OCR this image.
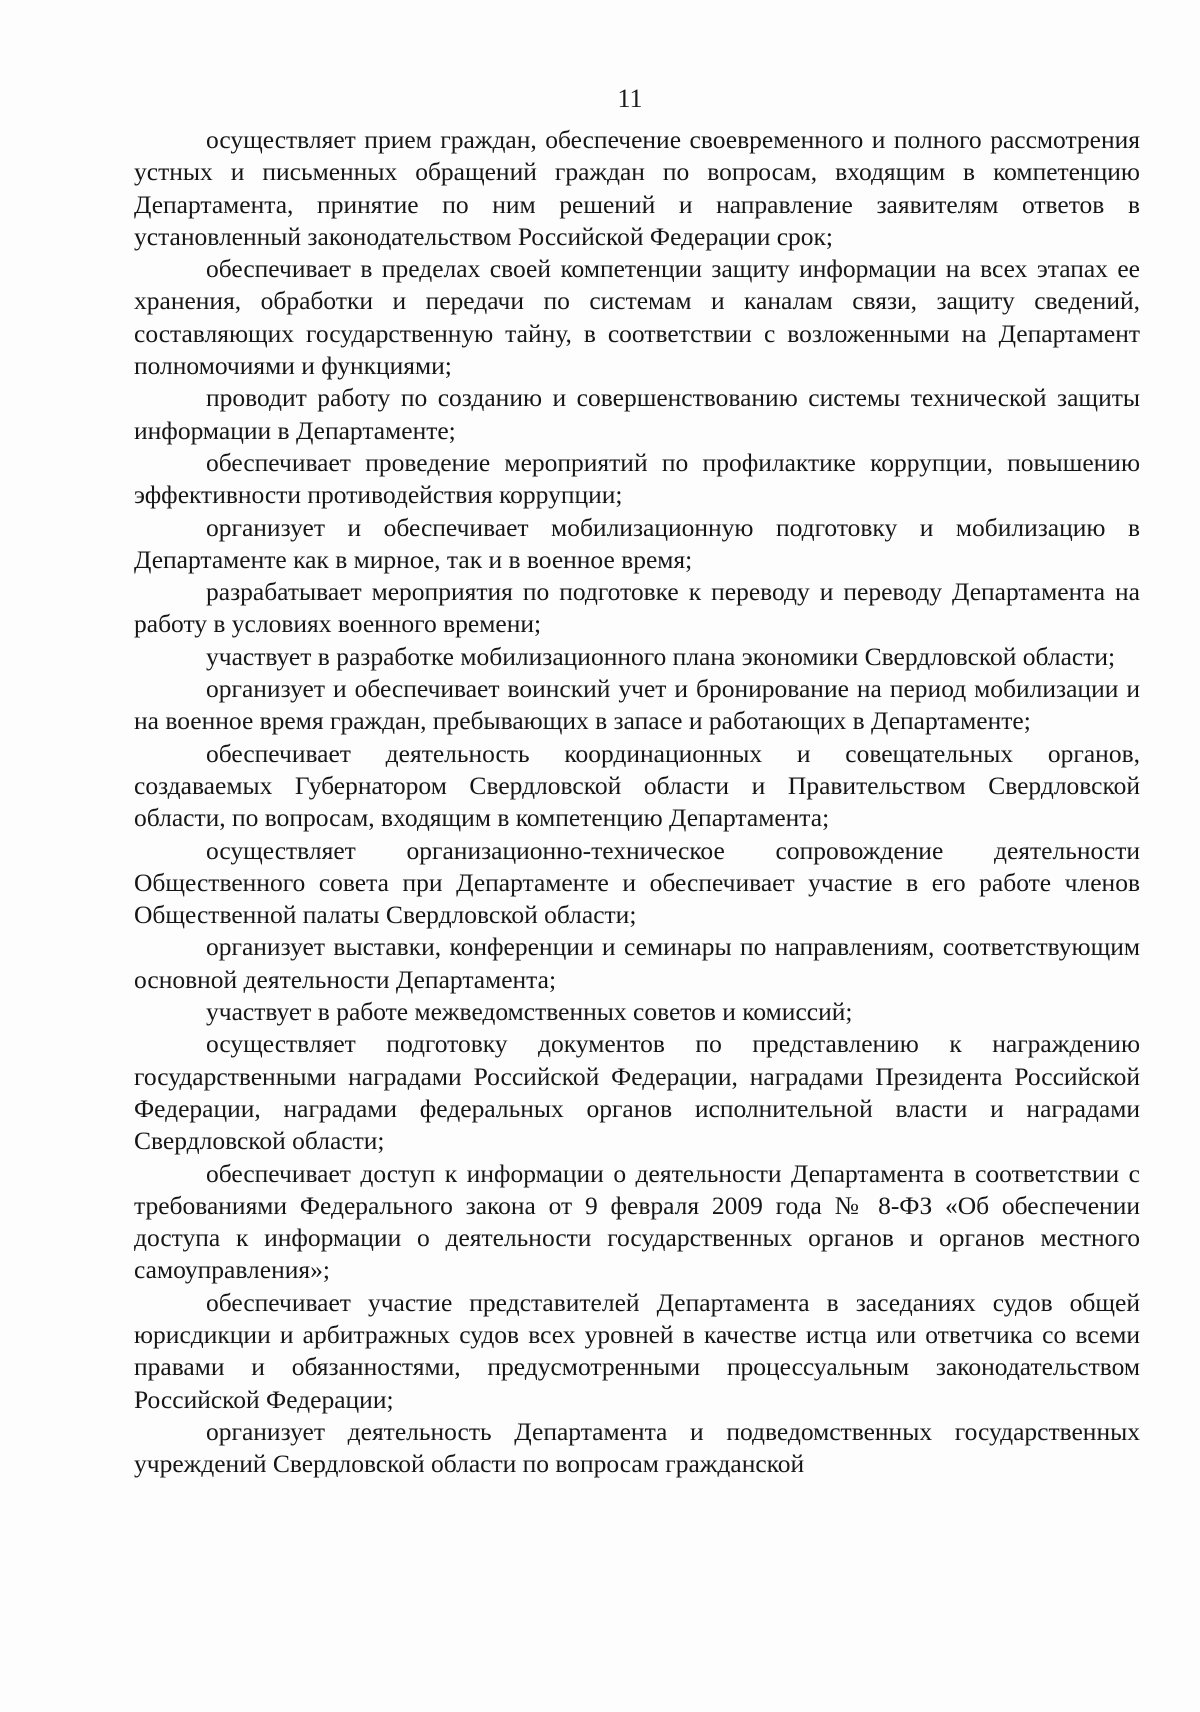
11

осуществляет прием граждан, обеспечение своевременного и полного рассмотрения устных и письменных обращений граждан по вопросам, входящим в компетенцию Департамента, принятие по ним решений и направление заявителям ответов в установленный законодательством Российской Федерации срок;

обеспечивает в пределах своей компетенции защиту информации на всех этапах ее хранения, обработки и передачи по системам и каналам связи, защиту сведений, составляющих государственную тайну, в соответствии с возложенными на Департамент полномочиями и функциями;

проводит работу по созданию и совершенствованию системы технической защиты информации в Департаменте;

обеспечивает проведение мероприятий по профилактике коррупции, повышению эффективности противодействия коррупции;

организует и обеспечивает мобилизационную подготовку и мобилизацию в Департаменте как в мирное, так и в военное время;

разрабатывает мероприятия по подготовке к переводу и переводу Департамента на работу в условиях военного времени;

участвует в разработке мобилизационного плана экономики Свердловской области;

организует и обеспечивает воинский учет и бронирование на период мобилизации и на военное время граждан, пребывающих в запасе и работающих в Департаменте;

обеспечивает деятельность координационных и совещательных органов, создаваемых Губернатором Свердловской области и Правительством Свердловской области, по вопросам, входящим в компетенцию Департамента;

осуществляет организационно-техническое сопровождение деятельности Общественного совета при Департаменте и обеспечивает участие в его работе членов Общественной палаты Свердловской области;

организует выставки, конференции и семинары по направлениям, соответствующим основной деятельности Департамента;

участвует в работе межведомственных советов и комиссий;

осуществляет подготовку документов по представлению к награждению государственными наградами Российской Федерации, наградами Президента Российской Федерации, наградами федеральных органов исполнительной власти и наградами Свердловской области;

обеспечивает доступ к информации о деятельности Департамента в соответствии с требованиями Федерального закона от 9 февраля 2009 года № 8-ФЗ «Об обеспечении доступа к информации о деятельности государственных органов и органов местного самоуправления»;

обеспечивает участие представителей Департамента в заседаниях судов общей юрисдикции и арбитражных судов всех уровней в качестве истца или ответчика со всеми правами и обязанностями, предусмотренными процессуальным законодательством Российской Федерации;

организует деятельность Департамента и подведомственных государственных учреждений Свердловской области по вопросам гражданской
